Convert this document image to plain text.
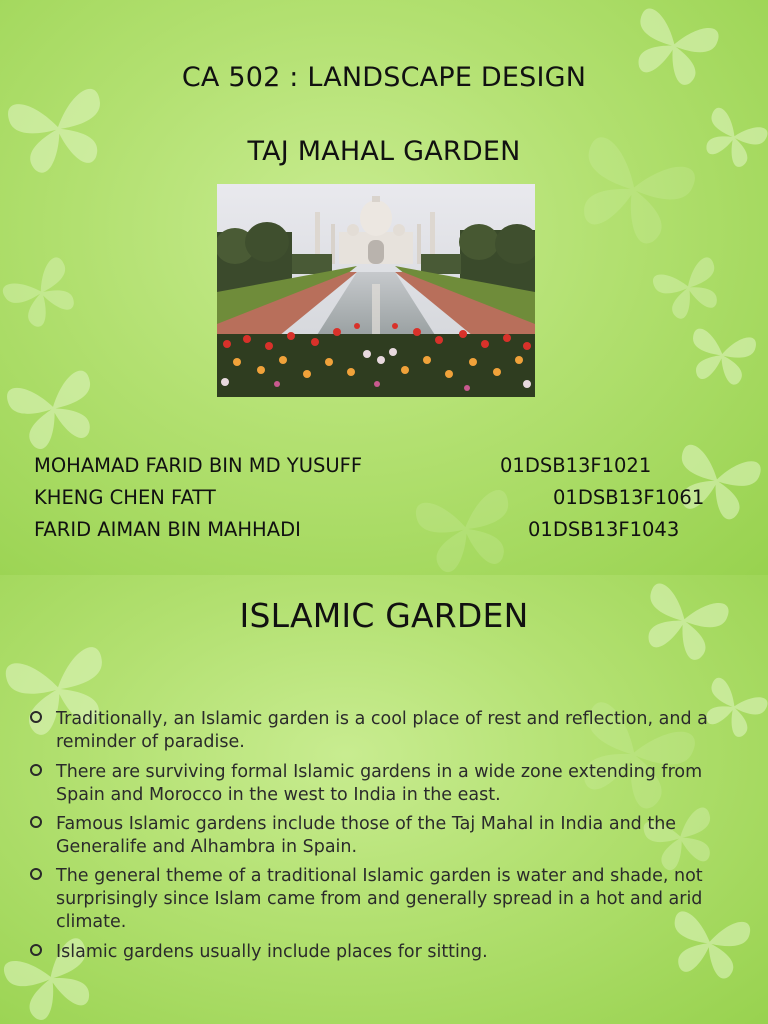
CA 502 : LANDSCAPE DESIGN
TAJ MAHAL GARDEN
MOHAMAD FARID BIN MD YUSUFF	01DSB13F1021
KHENG CHEN FATT	01DSB13F1061
FARID AIMAN BIN MAHHADI	01DSB13F1043
ISLAMIC GARDEN
Traditionally, an Islamic garden is a cool place of rest and reflection, and a reminder of paradise.
There are surviving formal Islamic gardens in a wide zone extending from Spain and Morocco in the west to India in the east.
Famous Islamic gardens include those of the Taj Mahal in India and the Generalife and Alhambra in Spain.
The general theme of a traditional Islamic garden is water and shade, not surprisingly since Islam came from and generally spread in a hot and arid climate.
Islamic gardens usually include places for sitting.
